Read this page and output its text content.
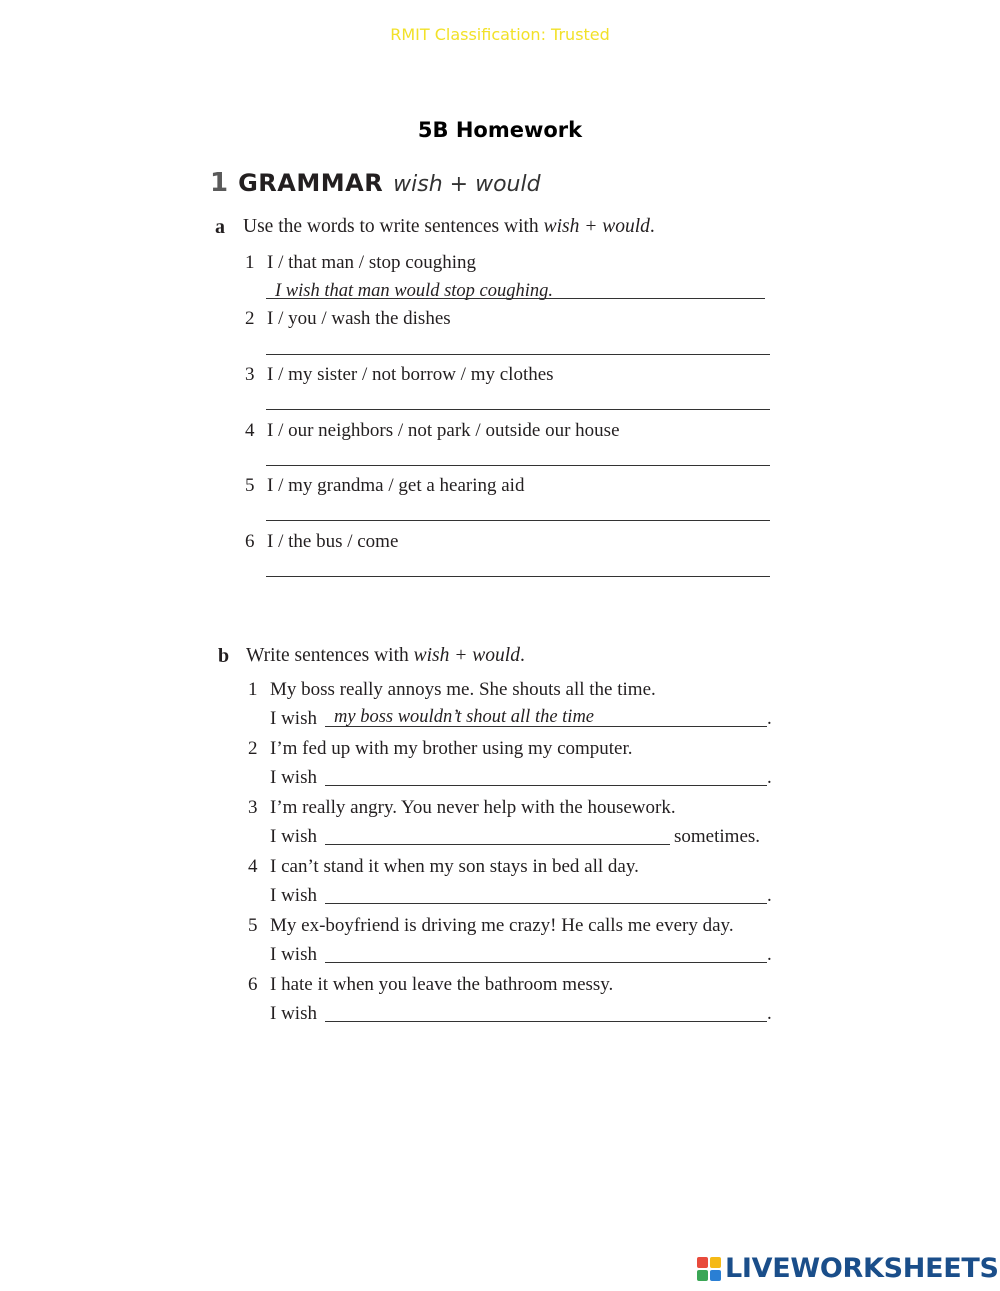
RMIT Classification: Trusted
5B Homework
1 GRAMMAR wish + would
a Use the words to write sentences with wish + would.
1 I / that man / stop coughing
I wish that man would stop coughing.
2 I / you / wash the dishes
3 I / my sister / not borrow / my clothes
4 I / our neighbors / not park / outside our house
5 I / my grandma / get a hearing aid
6 I / the bus / come
b Write sentences with wish + would.
1 My boss really annoys me. She shouts all the time.
I wish my boss wouldn’t shout all the time	.
2 I’m fed up with my brother using my computer.
I wish	.
3 I’m really angry. You never help with the housework.
I wish	sometimes.
4 I can’t stand it when my son stays in bed all day.
I wish	.
5 My ex-boyfriend is driving me crazy! He calls me every day.
I wish	.
6 I hate it when you leave the bathroom messy.
I wish	.
LIVEWORKSHEETS
